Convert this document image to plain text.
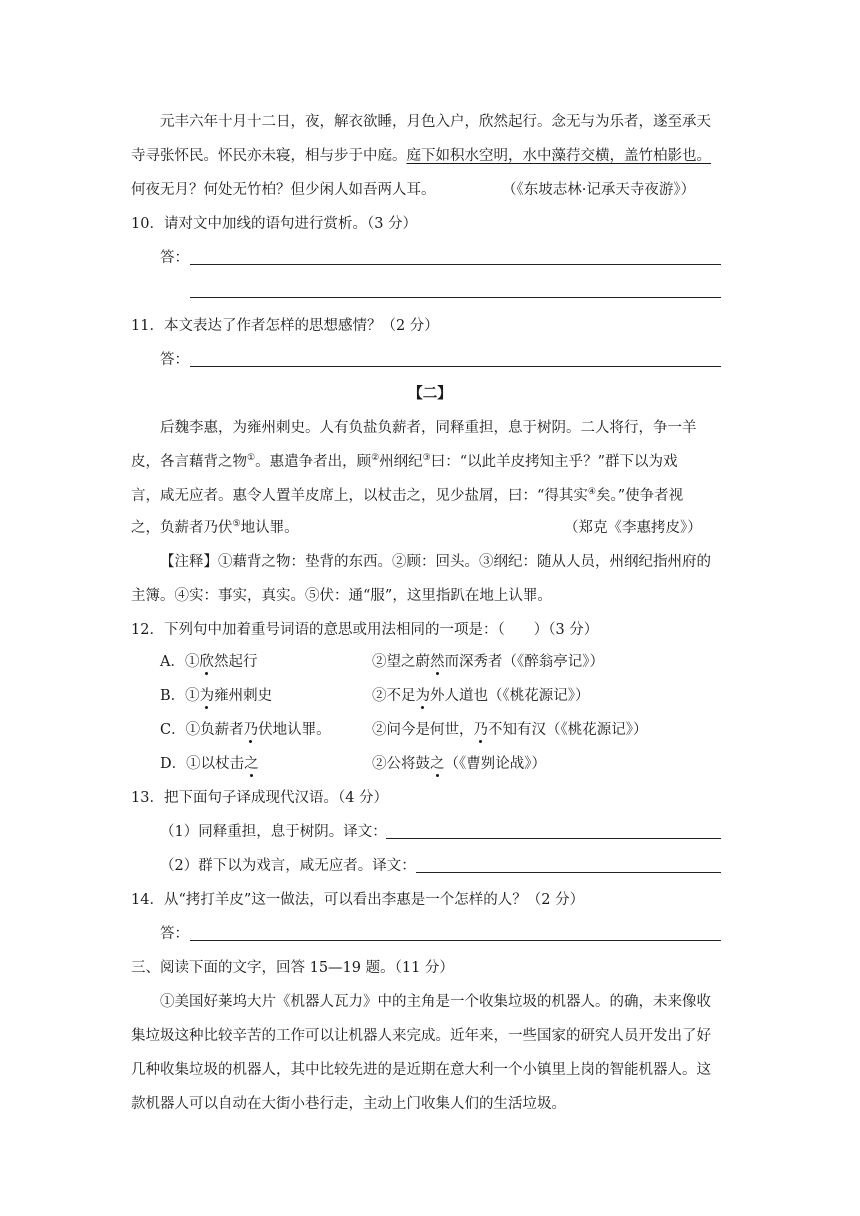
元丰六年十月十二日，夜，解衣欲睡，月色入户，欣然起行。念无与为乐者，遂至承天
寺寻张怀民。怀民亦未寝，相与步于中庭。庭下如积水空明，水中藻荇交横，盖竹柏影也。
何夜无月？何处无竹柏？但少闲人如吾两人耳。	（《东坡志林·记承天寺夜游》）
10．请对文中加线的语句进行赏析。（3 分）
答：
11．本文表达了作者怎样的思想感情？（2 分）
答：
【二】
后魏李惠，为雍州刺史。人有负盐负薪者，同释重担，息于树阴。二人将行，争一羊
皮，各言藉背之物①。惠遣争者出，顾②州纲纪③曰：“以此羊皮拷知主乎？”群下以为戏
言，咸无应者。惠令人置羊皮席上，以杖击之，见少盐屑，曰：“得其实④矣。”使争者视
之，负薪者乃伏⑤地认罪。	（郑克《李惠拷皮》）
【注释】①藉背之物：垫背的东西。②顾：回头。③纲纪：随从人员，州纲纪指州府的
主簿。④实：事实，真实。⑤伏：通“服”，这里指趴在地上认罪。
12．下列句中加着重号词语的意思或用法相同的一项是：（　　）（3 分）
A．①欣然起行	②望之蔚然而深秀者（《醉翁亭记》）
B．①为雍州刺史	②不足为外人道也（《桃花源记》）
C．①负薪者乃伏地认罪。	②问今是何世，乃不知有汉（《桃花源记》）
D．①以杖击之	②公将鼓之（《曹刿论战》）
13．把下面句子译成现代汉语。（4 分）
（1）同释重担，息于树阴。译文：
（2）群下以为戏言，咸无应者。译文：
14．从“拷打羊皮”这一做法，可以看出李惠是一个怎样的人？（2 分）
答：
三、阅读下面的文字，回答 15—19 题。（11 分）
①美国好莱坞大片《机器人瓦力》中的主角是一个收集垃圾的机器人。的确，未来像收
集垃圾这种比较辛苦的工作可以让机器人来完成。近年来，一些国家的研究人员开发出了好
几种收集垃圾的机器人，其中比较先进的是近期在意大利一个小镇里上岗的智能机器人。这
款机器人可以自动在大街小巷行走，主动上门收集人们的生活垃圾。
